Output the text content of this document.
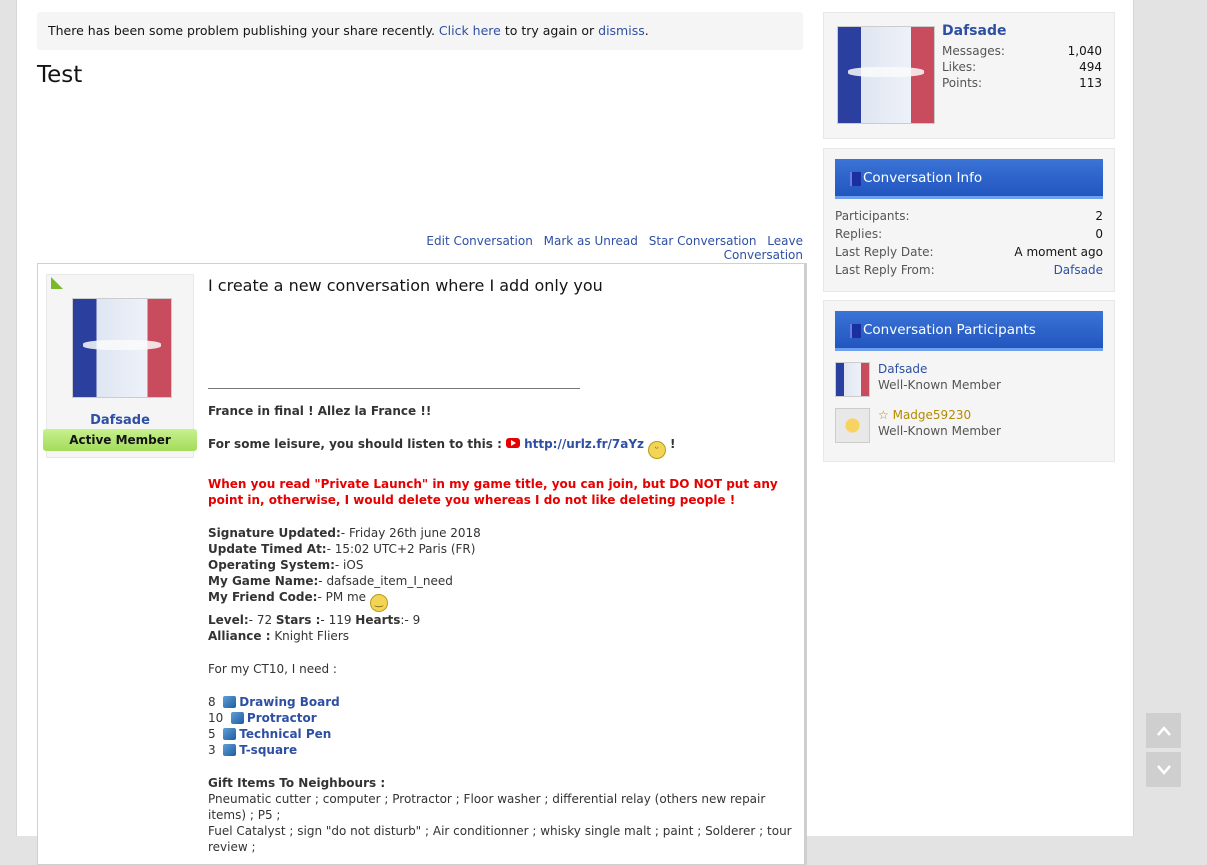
There has been some problem publishing your share recently. Click here to try again or dismiss.
Test
Edit Conversation Mark as Unread Star Conversation Leave Conversation
Dafsade
Active Member
I create a new conversation where I add only you

France in final ! Allez la France !!

For some leisure, you should listen to this : http://urlz.fr/7aYz ᵕ !

When you read "Private Launch" in my game title, you can join, but DO NOT put any point in, otherwise, I would delete you whereas I do not like deleting people !

Signature Updated:- Friday 26th june 2018

Update Timed At:- 15:02 UTC+2 Paris (FR)

Operating System:- iOS

My Game Name:- dafsade_item_I_need

My Friend Code:- PM me ‿

Level:- 72 Stars :- 119 Hearts:- 9

Alliance : Knight Fliers

For my CT10, I need :

8 Drawing Board

10 Protractor

5 Technical Pen

3 T-square

Gift Items To Neighbours :

Pneumatic cutter ; computer ; Protractor ; Floor washer ; differential relay (others new repair items) ; P5 ;

Fuel Catalyst ; sign "do not disturb" ; Air conditionner ; whisky single malt ; paint ; Solderer ; tour review ;

Dafsade
Messages:	1,040
Likes:	494
Points:	113
Conversation Info
Participants:	2
Replies:	0
Last Reply Date:	A moment ago
Last Reply From:	Dafsade
Conversation Participants
Dafsade
Well-Known Member
☆ Madge59230
Well-Known Member
